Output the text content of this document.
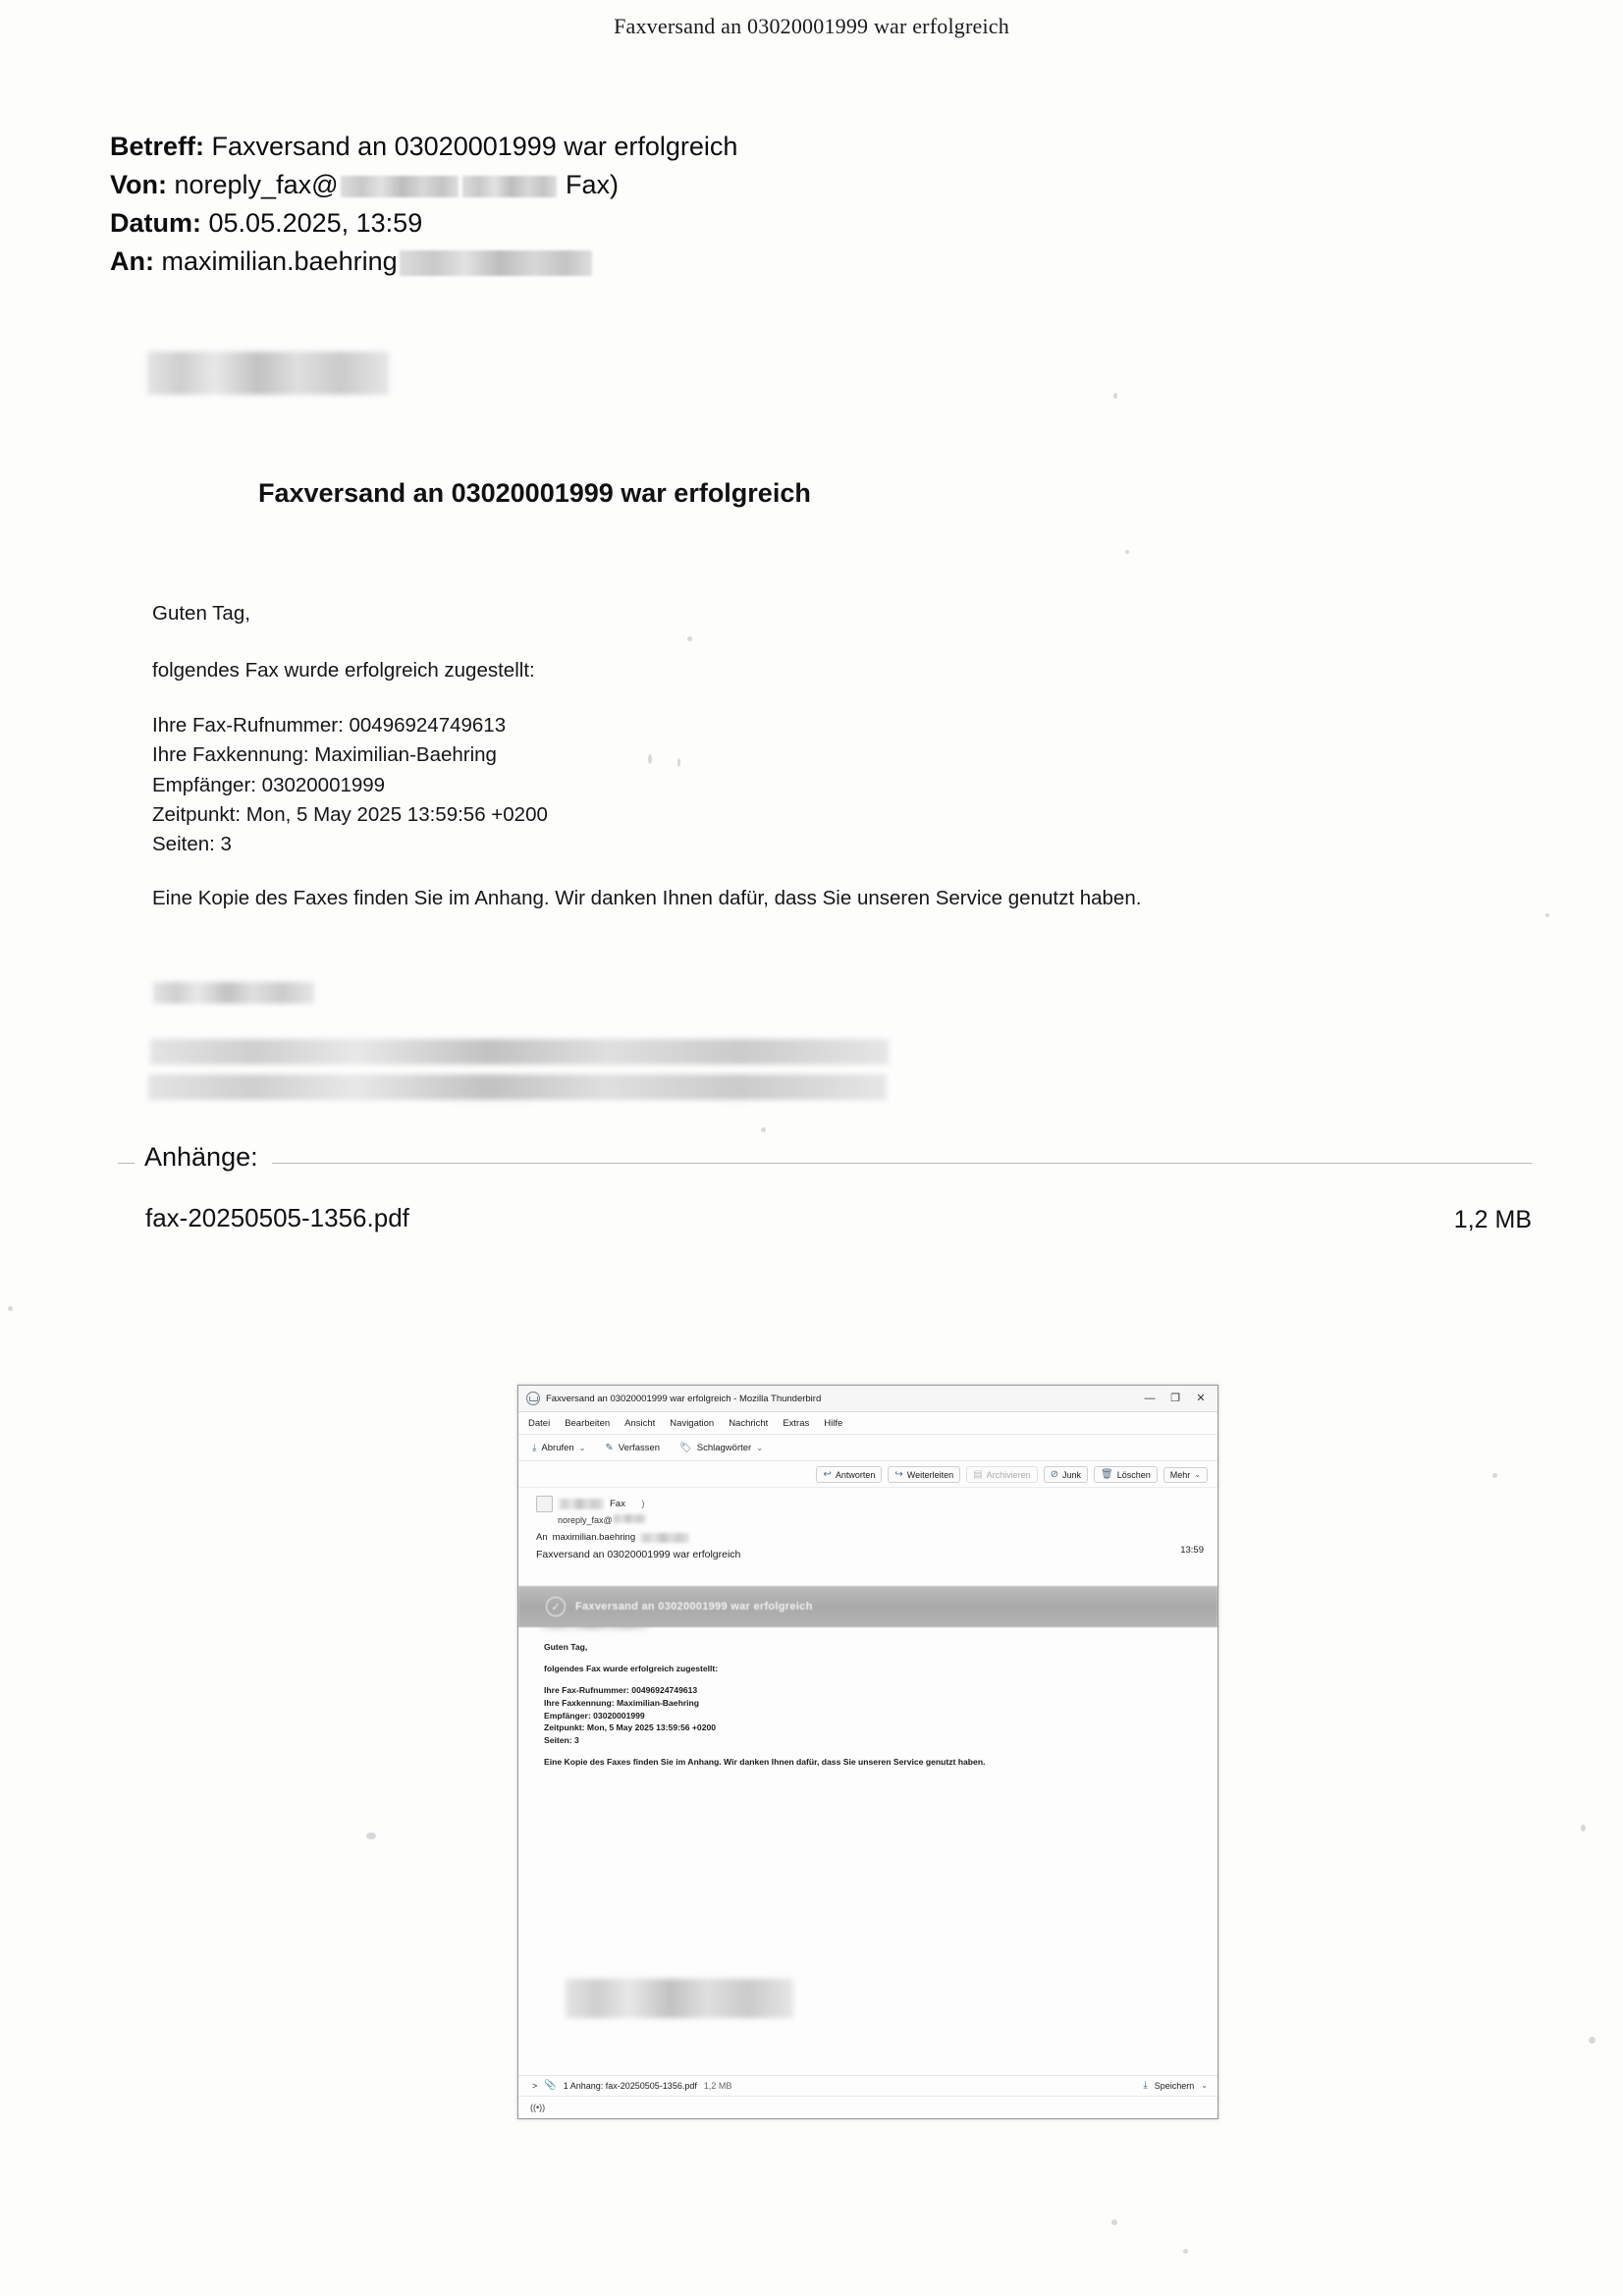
Faxversand an 03020001999 war erfolgreich
Betreff: Faxversand an 03020001999 war erfolgreich
Von: noreply_fax@	Fax)
Datum: 05.05.2025, 13:59
An: maximilian.baehring
Faxversand an 03020001999 war erfolgreich
Guten Tag,
folgendes Fax wurde erfolgreich zugestellt:
Ihre Fax-Rufnummer: 00496924749613
Ihre Faxkennung: Maximilian-Baehring
Empfänger: 03020001999
Zeitpunkt: Mon, 5 May 2025 13:59:56 +0200
Seiten: 3
Eine Kopie des Faxes finden Sie im Anhang. Wir danken Ihnen dafür, dass Sie unseren Service genutzt haben.
Anhänge:
fax-20250505-1356.pdf	1,2 MB
Faxversand an 03020001999 war erfolgreich - Mozilla Thunderbird	—	❐	✕
Datei Bearbeiten Ansicht Navigation Nachricht Extras Hilfe
⤓ Abrufen ⌄ ✎ Verfassen 🏷 Schlagwörter ⌄
↩ Antworten ↪ Weiterleiten ▤ Archivieren ⊘ Junk 🗑 Löschen Mehr ⌄
Fax )
noreply_fax@
An maximilian.baehring
13:59
Faxversand an 03020001999 war erfolgreich
✓	Faxversand an 03020001999 war erfolgreich

Guten Tag,

folgendes Fax wurde erfolgreich zugestellt:

Ihre Fax-Rufnummer: 00496924749613
Ihre Faxkennung: Maximilian-Baehring
Empfänger: 03020001999
Zeitpunkt: Mon, 5 May 2025 13:59:56 +0200
Seiten: 3

Eine Kopie des Faxes finden Sie im Anhang. Wir danken Ihnen dafür, dass Sie unseren Service genutzt haben.

> 📎 1 Anhang: fax-20250505-1356.pdf 1,2 MB	⤓ Speichern ⌄
((•))
